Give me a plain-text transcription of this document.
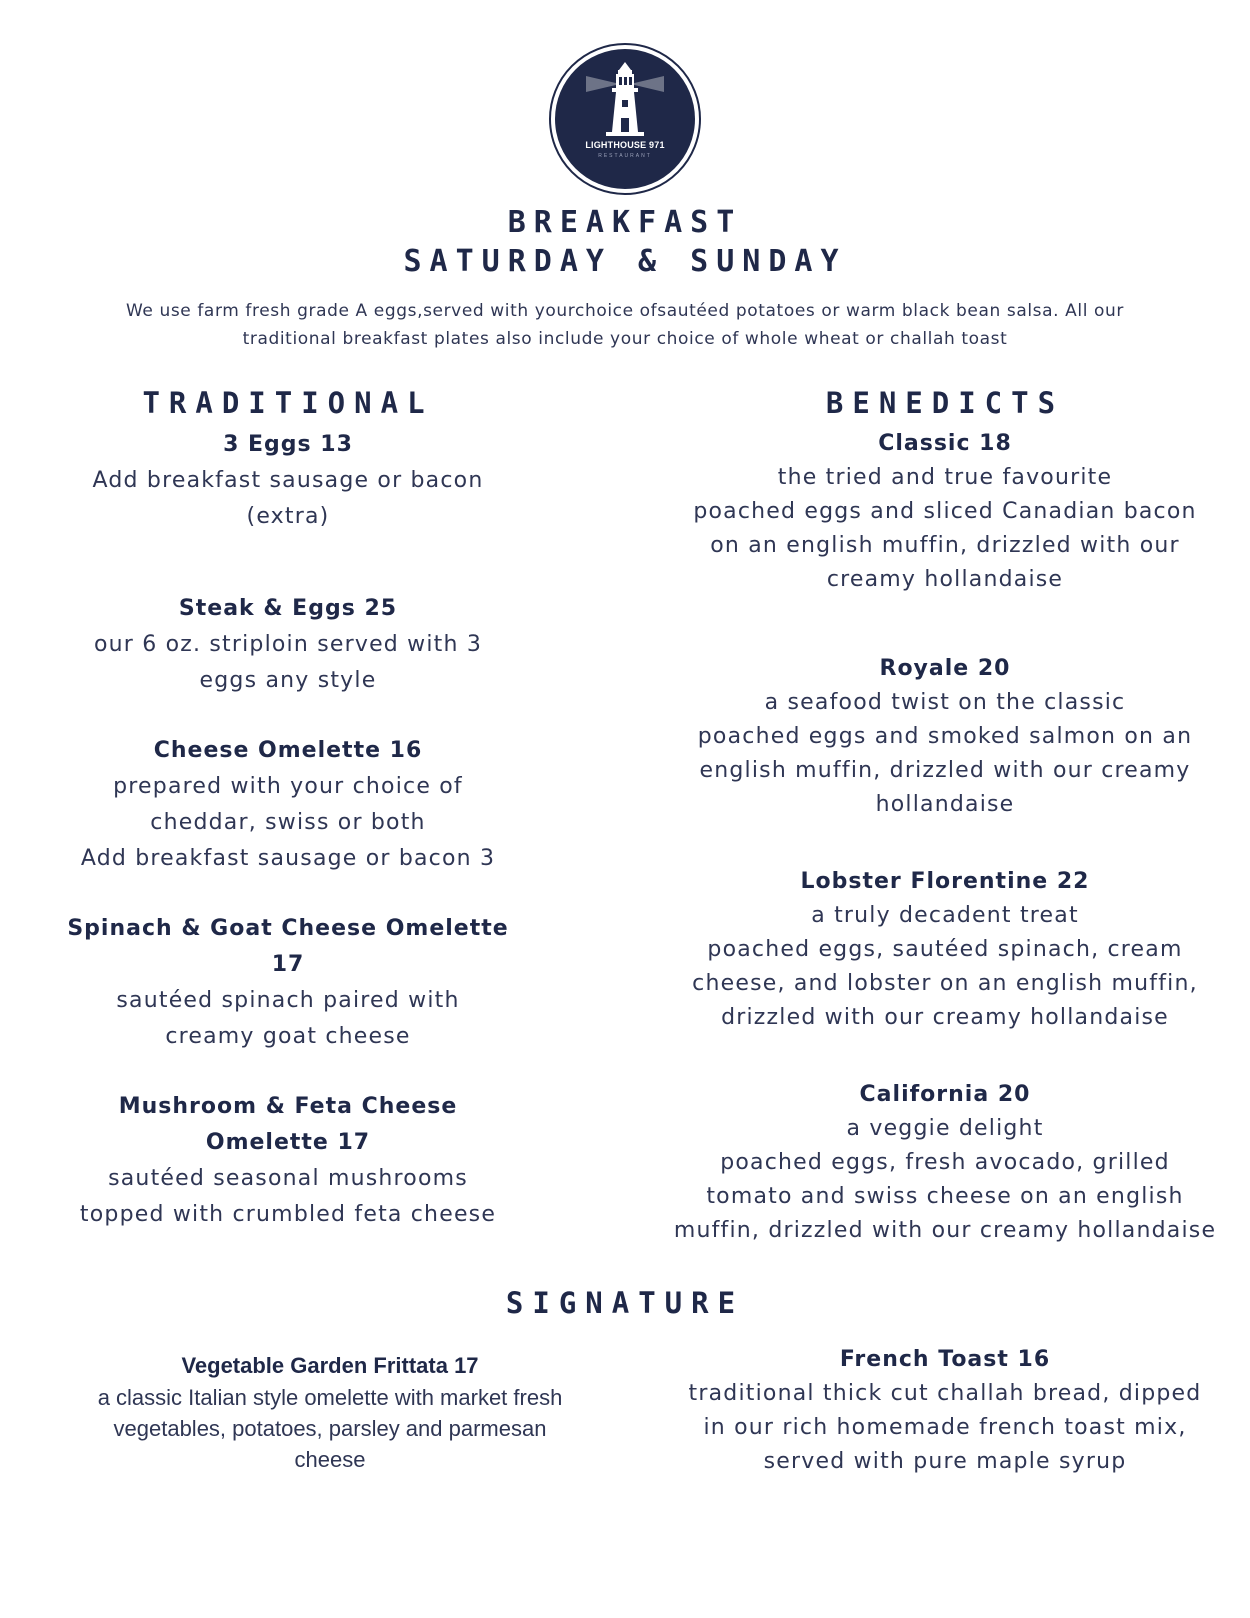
LIGHTHOUSE 971
RESTAURANT
BREAKFAST
SATURDAY & SUNDAY
We use farm fresh grade A eggs,served with yourchoice ofsautéed potatoes or warm black bean salsa. All our traditional breakfast plates also include your choice of whole wheat or challah toast
TRADITIONAL
3 Eggs 13
Add breakfast sausage or bacon
(extra)
Steak & Eggs 25
our 6 oz. striploin served with 3
eggs any style
Cheese Omelette 16
prepared with your choice of
cheddar, swiss or both
Add breakfast sausage or bacon 3
Spinach & Goat Cheese Omelette
17
sautéed spinach paired with
creamy goat cheese
Mushroom & Feta Cheese
Omelette 17
sautéed seasonal mushrooms
topped with crumbled feta cheese
BENEDICTS
Classic 18
the tried and true favourite
poached eggs and sliced Canadian bacon
on an english muffin, drizzled with our
creamy hollandaise
Royale 20
a seafood twist on the classic
poached eggs and smoked salmon on an
english muffin, drizzled with our creamy
hollandaise
Lobster Florentine 22
a truly decadent treat
poached eggs, sautéed spinach, cream
cheese, and lobster on an english muffin,
drizzled with our creamy hollandaise
California 20
a veggie delight
poached eggs, fresh avocado, grilled
tomato and swiss cheese on an english
muffin, drizzled with our creamy hollandaise
SIGNATURE
Vegetable Garden Frittata 17
a classic Italian style omelette with market fresh
vegetables, potatoes, parsley and parmesan
cheese
French Toast 16
traditional thick cut challah bread, dipped
in our rich homemade french toast mix,
served with pure maple syrup
